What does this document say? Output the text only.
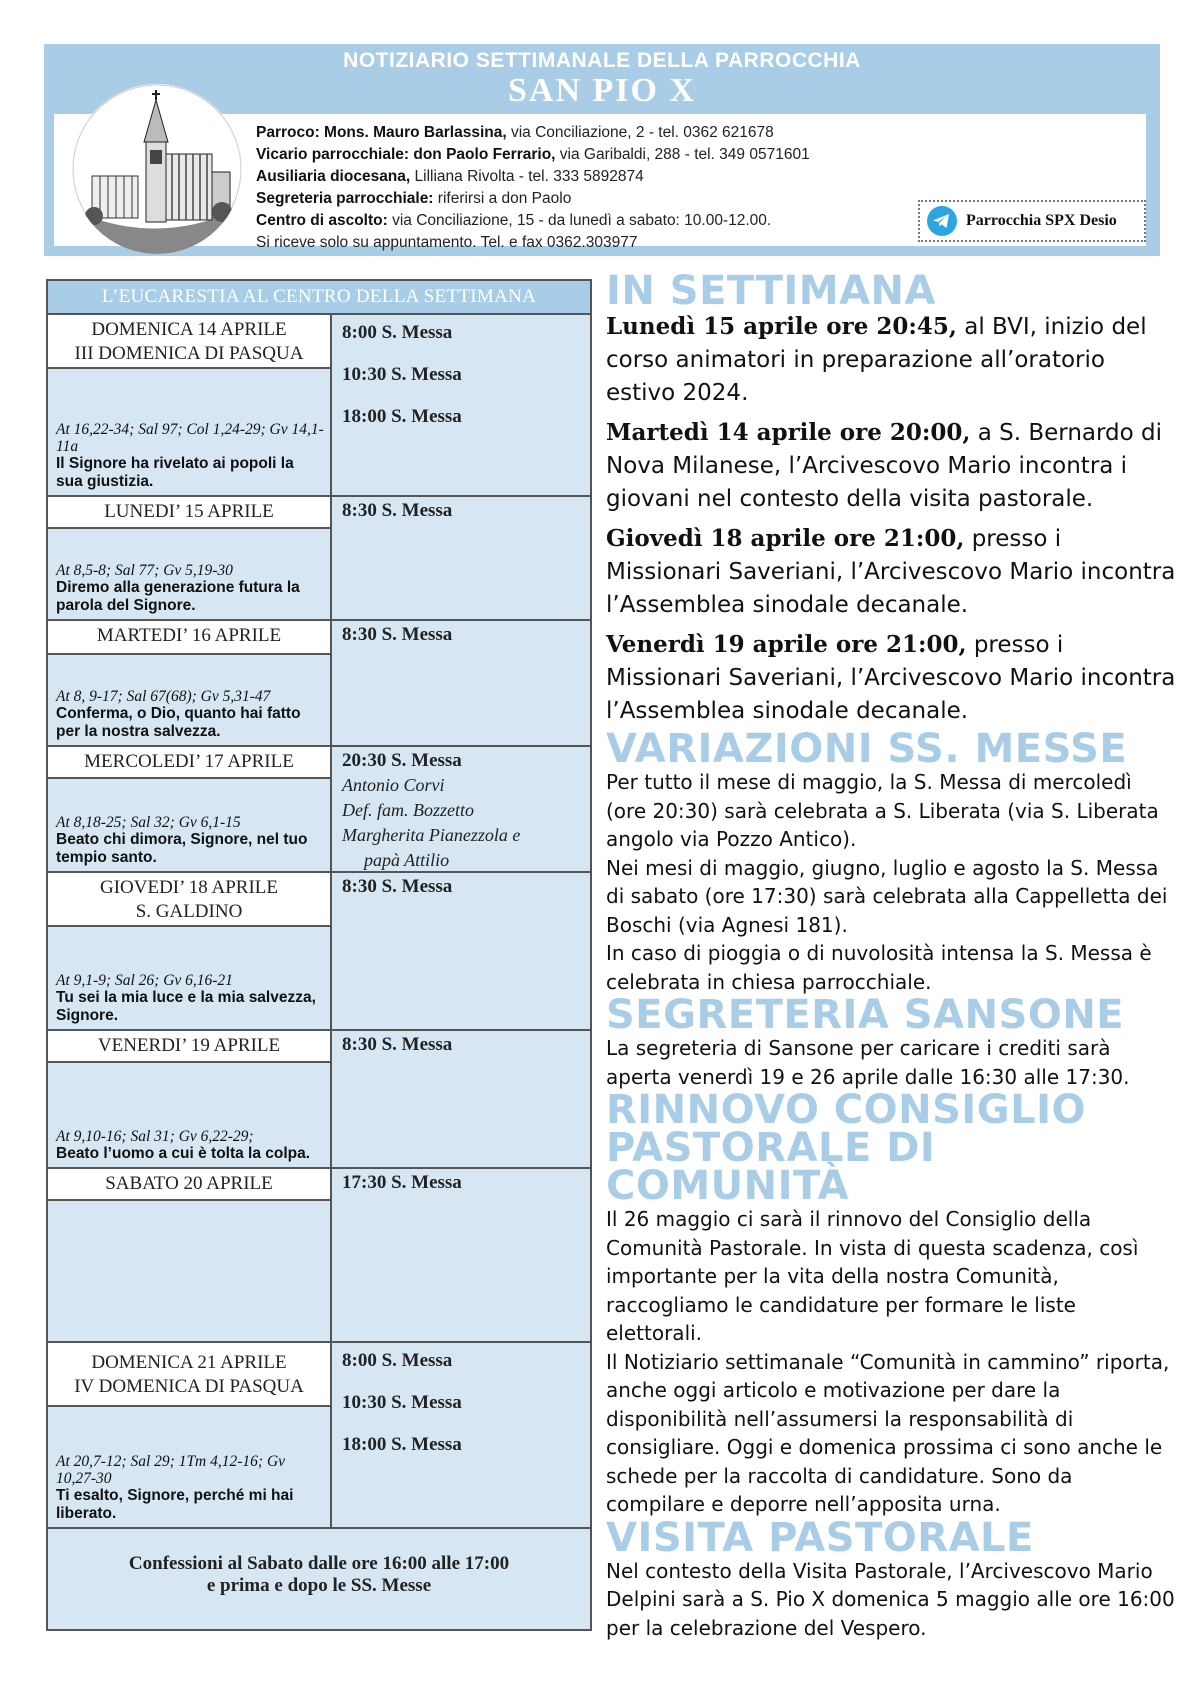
NOTIZIARIO SETTIMANALE DELLA PARROCCHIA
SAN PIO X
Parroco: Mons. Mauro Barlassina, via Conciliazione, 2 - tel. 0362 621678
Vicario parrocchiale: don Paolo Ferrario, via Garibaldi, 288 - tel. 349 0571601
Ausiliaria diocesana, Lilliana Rivolta - tel. 333 5892874
Segreteria parrocchiale: riferirsi a don Paolo
Centro di ascolto: via Conciliazione, 15 - da lunedì a sabato: 10.00-12.00.
Si riceve solo su appuntamento. Tel. e fax 0362.303977
Parrocchia SPX Desio
L’EUCARESTIA AL CENTRO DELLA SETTIMANA
DOMENICA 14 APRILE
III DOMENICA DI PASQUA
At 16,22-34; Sal 97; Col 1,24-29; Gv 14,1-11a
Il Signore ha rivelato ai popoli la sua giustizia.
8:00 S. Messa
10:30 S. Messa
18:00 S. Messa
LUNEDI’ 15 APRILE
At 8,5-8; Sal 77; Gv 5,19-30
Diremo alla generazione futura la parola del Signore.
8:30 S. Messa
MARTEDI’ 16 APRILE
At 8, 9-17; Sal 67(68); Gv 5,31-47
Conferma, o Dio, quanto hai fatto per la nostra salvezza.
8:30 S. Messa
MERCOLEDI’ 17 APRILE
At 8,18-25; Sal 32; Gv 6,1-15
Beato chi dimora, Signore, nel tuo tempio santo.
20:30 S. Messa
Antonio Corvi
Def. fam. Bozzetto
Margherita Pianezzola e
papà Attilio
GIOVEDI’ 18 APRILE
S. GALDINO
At 9,1-9; Sal 26; Gv 6,16-21
Tu sei la mia luce e la mia salvezza, Signore.
8:30 S. Messa
VENERDI’ 19 APRILE
At 9,10-16; Sal 31; Gv 6,22-29;
Beato l’uomo a cui è tolta la colpa.
8:30 S. Messa
SABATO 20 APRILE	17:30 S. Messa
DOMENICA 21 APRILE
IV DOMENICA DI PASQUA
At 20,7-12; Sal 29; 1Tm 4,12-16; Gv 10,27-30
Ti esalto, Signore, perché mi hai liberato.
8:00 S. Messa
10:30 S. Messa
18:00 S. Messa
Confessioni al Sabato dalle ore 16:00 alle 17:00
e prima e dopo le SS. Messe
IN SETTIMANA

Lunedì 15 aprile ore 20:45, al BVI, inizio del corso animatori in preparazione all’oratorio estivo 2024.

Martedì 14 aprile ore 20:00, a S. Bernardo di Nova Milanese, l’Arcivescovo Mario incontra i giovani nel contesto della visita pastorale.

Giovedì 18 aprile ore 21:00, presso i Missionari Saveriani, l’Arcivescovo Mario incontra l’Assemblea sinodale decanale.

Venerdì 19 aprile ore 21:00, presso i Missionari Saveriani, l’Arcivescovo Mario incontra l’Assemblea sinodale decanale.

VARIAZIONI SS. MESSE

Per tutto il mese di maggio, la S. Messa di mercoledì (ore 20:30) sarà celebrata a S. Liberata (via S. Liberata angolo via Pozzo Antico).

Nei mesi di maggio, giugno, luglio e agosto la S. Messa di sabato (ore 17:30) sarà celebrata alla Cappelletta dei Boschi (via Agnesi 181).

In caso di pioggia o di nuvolosità intensa la S. Messa è celebrata in chiesa parrocchiale.

SEGRETERIA SANSONE

La segreteria di Sansone per caricare i crediti sarà aperta venerdì 19 e 26 aprile dalle 16:30 alle 17:30.

RINNOVO CONSIGLIO PASTORALE DI COMUNITÀ

Il 26 maggio ci sarà il rinnovo del Consiglio della Comunità Pastorale. In vista di questa scadenza, così importante per la vita della nostra Comunità, raccogliamo le candidature per formare le liste elettorali.

Il Notiziario settimanale “Comunità in cammino” riporta, anche oggi articolo e motivazione per dare la disponibilità nell’assumersi la responsabilità di consigliare. Oggi e domenica prossima ci sono anche le schede per la raccolta di candidature. Sono da compilare e deporre nell’apposita urna.

VISITA PASTORALE

Nel contesto della Visita Pastorale, l’Arcivescovo Mario Delpini sarà a S. Pio X domenica 5 maggio alle ore 16:00 per la celebrazione del Vespero.
